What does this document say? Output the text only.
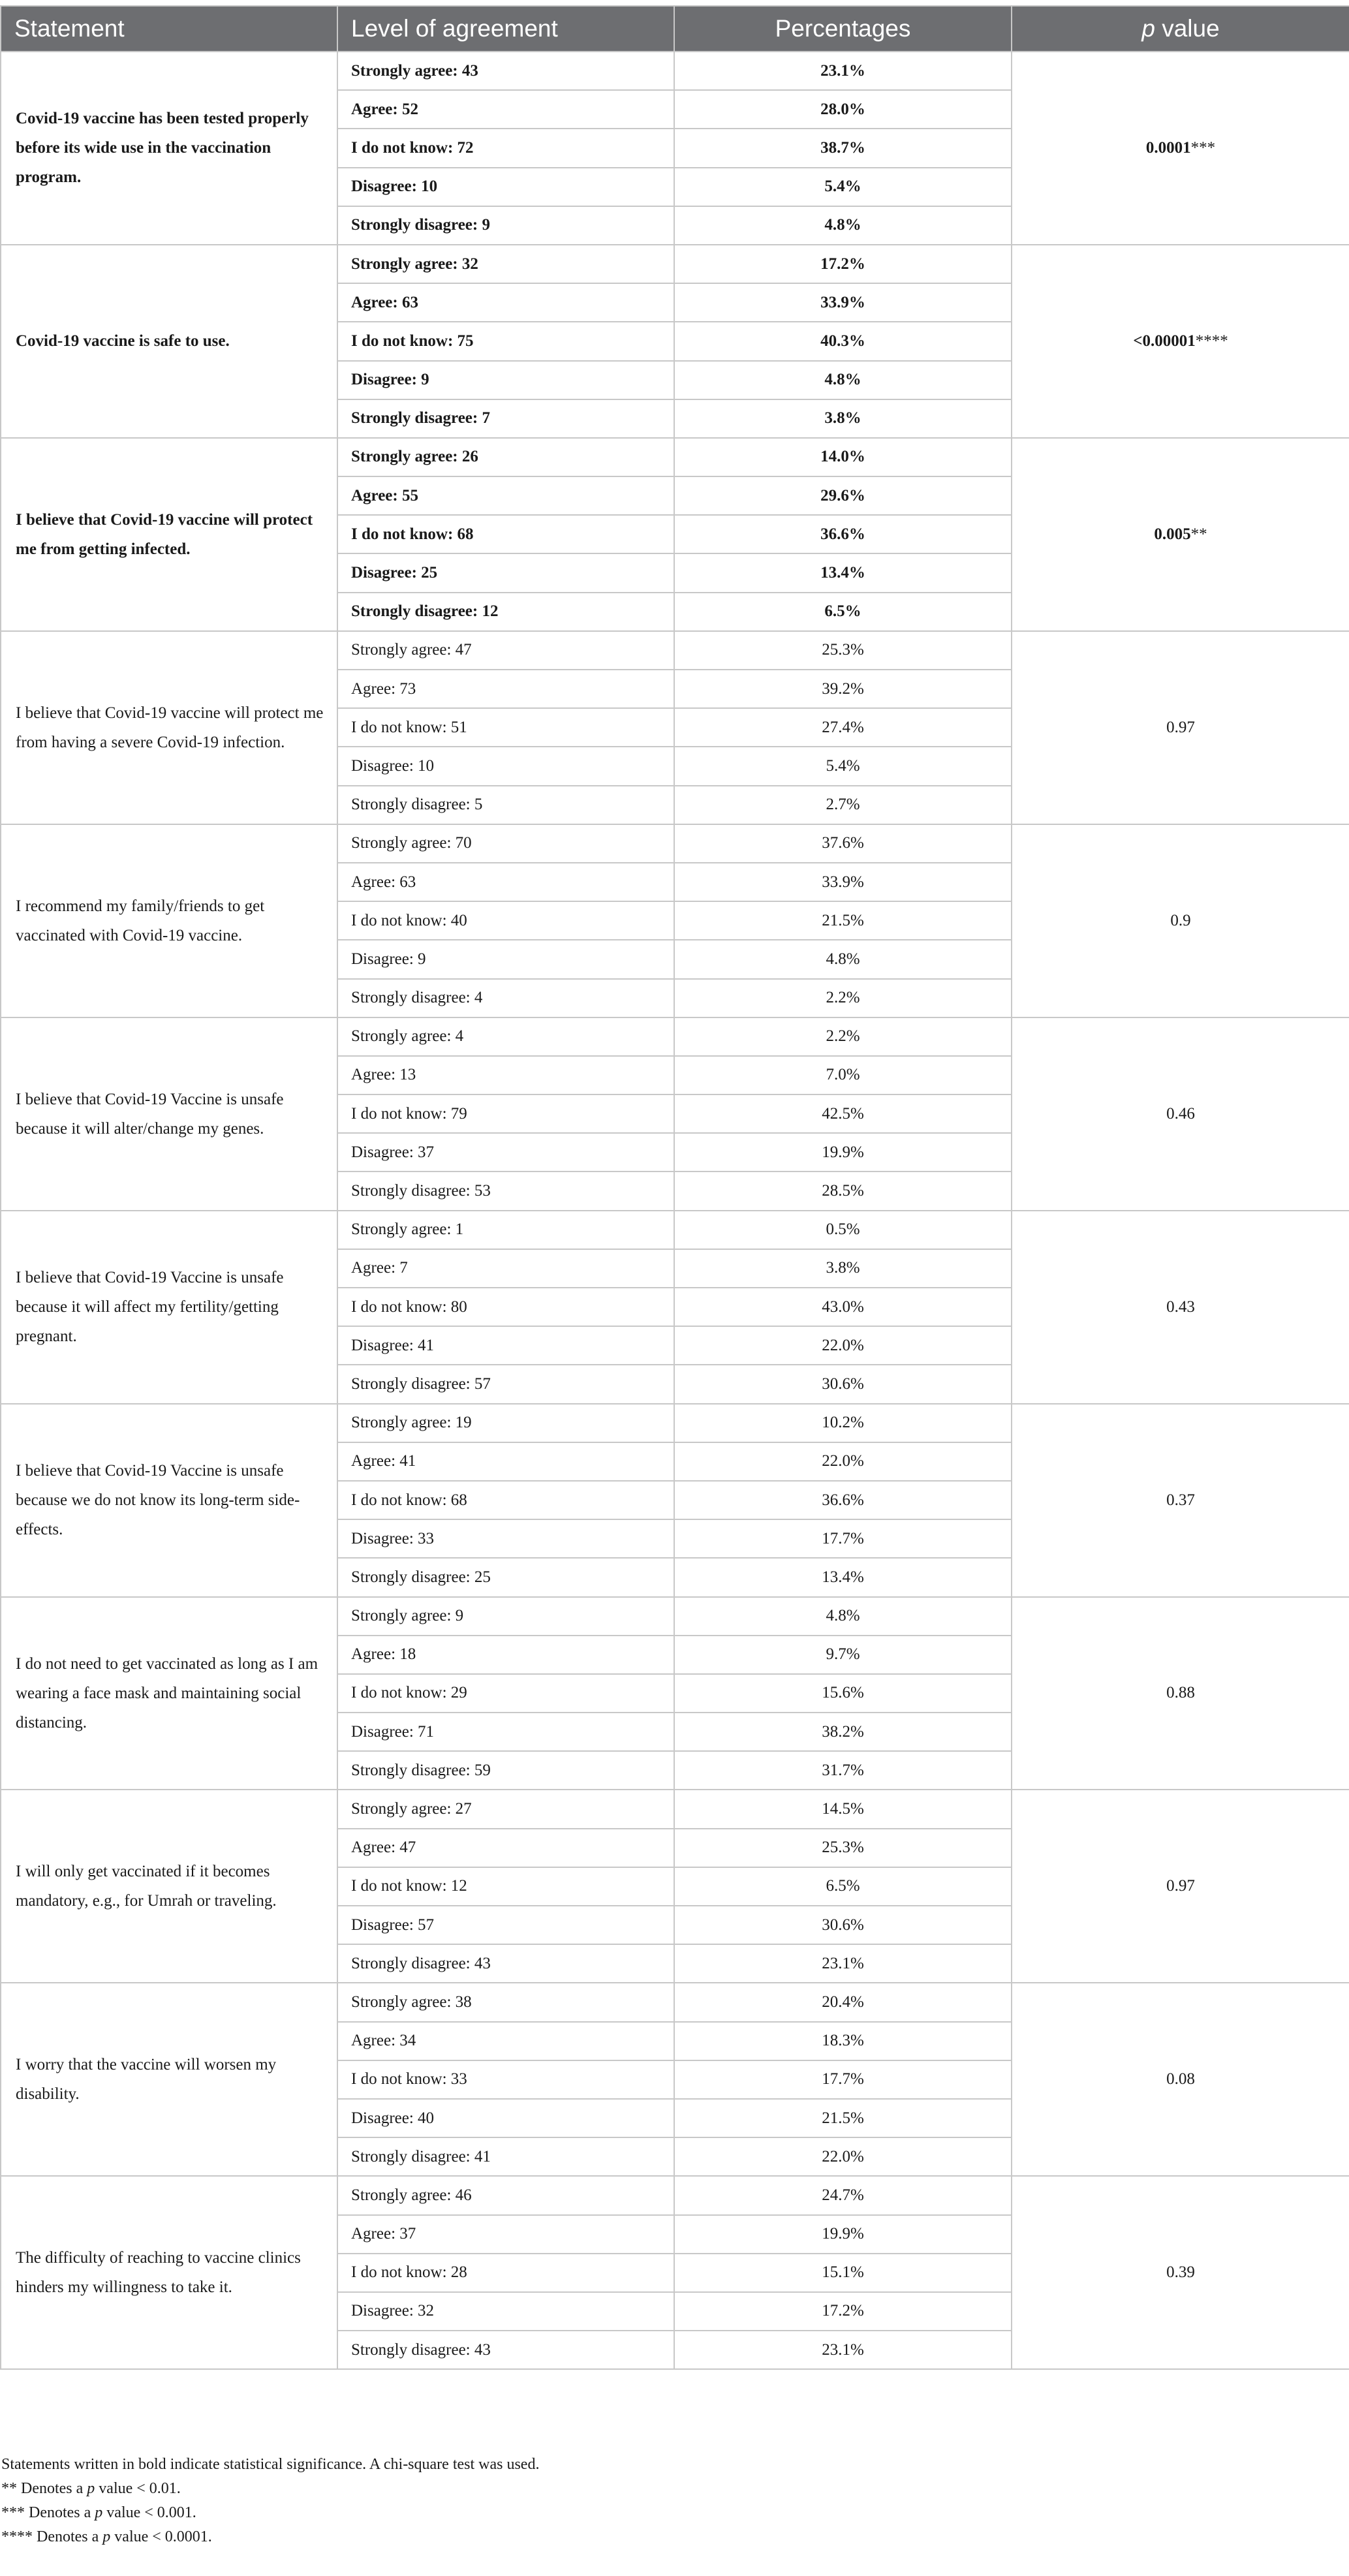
Statement	Level of agreement	Percentages	p value
Covid-19 vaccine has been tested properly before its wide use in the vaccination program.	Strongly agree: 43	23.1%	0.0001***
	Agree: 52	28.0%	
	I do not know: 72	38.7%	
	Disagree: 10	5.4%	
	Strongly disagree: 9	4.8%	
Covid-19 vaccine is safe to use.	Strongly agree: 32	17.2%	<0.00001****
	Agree: 63	33.9%	
	I do not know: 75	40.3%	
	Disagree: 9	4.8%	
	Strongly disagree: 7	3.8%	
I believe that Covid-19 vaccine will protect me from getting infected.	Strongly agree: 26	14.0%	0.005**
	Agree: 55	29.6%	
	I do not know: 68	36.6%	
	Disagree: 25	13.4%	
	Strongly disagree: 12	6.5%	
I believe that Covid-19 vaccine will protect me from having a severe Covid-19 infection.	Strongly agree: 47	25.3%	0.97
	Agree: 73	39.2%	
	I do not know: 51	27.4%	
	Disagree: 10	5.4%	
	Strongly disagree: 5	2.7%	
I recommend my family/friends to get vaccinated with Covid-19 vaccine.	Strongly agree: 70	37.6%	0.9
	Agree: 63	33.9%	
	I do not know: 40	21.5%	
	Disagree: 9	4.8%	
	Strongly disagree: 4	2.2%	
I believe that Covid-19 Vaccine is unsafe because it will alter/change my genes.	Strongly agree: 4	2.2%	0.46
	Agree: 13	7.0%	
	I do not know: 79	42.5%	
	Disagree: 37	19.9%	
	Strongly disagree: 53	28.5%	
I believe that Covid-19 Vaccine is unsafe because it will affect my fertility/getting pregnant.	Strongly agree: 1	0.5%	0.43
	Agree: 7	3.8%	
	I do not know: 80	43.0%	
	Disagree: 41	22.0%	
	Strongly disagree: 57	30.6%	
I believe that Covid-19 Vaccine is unsafe because we do not know its long-term side-effects.	Strongly agree: 19	10.2%	0.37
	Agree: 41	22.0%	
	I do not know: 68	36.6%	
	Disagree: 33	17.7%	
	Strongly disagree: 25	13.4%	
I do not need to get vaccinated as long as I am wearing a face mask and maintaining social distancing.	Strongly agree: 9	4.8%	0.88
	Agree: 18	9.7%	
	I do not know: 29	15.6%	
	Disagree: 71	38.2%	
	Strongly disagree: 59	31.7%	
I will only get vaccinated if it becomes mandatory, e.g., for Umrah or traveling.	Strongly agree: 27	14.5%	0.97
	Agree: 47	25.3%	
	I do not know: 12	6.5%	
	Disagree: 57	30.6%	
	Strongly disagree: 43	23.1%	
I worry that the vaccine will worsen my disability.	Strongly agree: 38	20.4%	0.08
	Agree: 34	18.3%	
	I do not know: 33	17.7%	
	Disagree: 40	21.5%	
	Strongly disagree: 41	22.0%	
The difficulty of reaching to vaccine clinics hinders my willingness to take it.	Strongly agree: 46	24.7%	0.39
	Agree: 37	19.9%	
	I do not know: 28	15.1%	
	Disagree: 32	17.2%	
	Strongly disagree: 43	23.1%	
Statements written in bold indicate statistical significance. A chi-square test was used.
** Denotes a p value < 0.01.
*** Denotes a p value < 0.001.
**** Denotes a p value < 0.0001.
